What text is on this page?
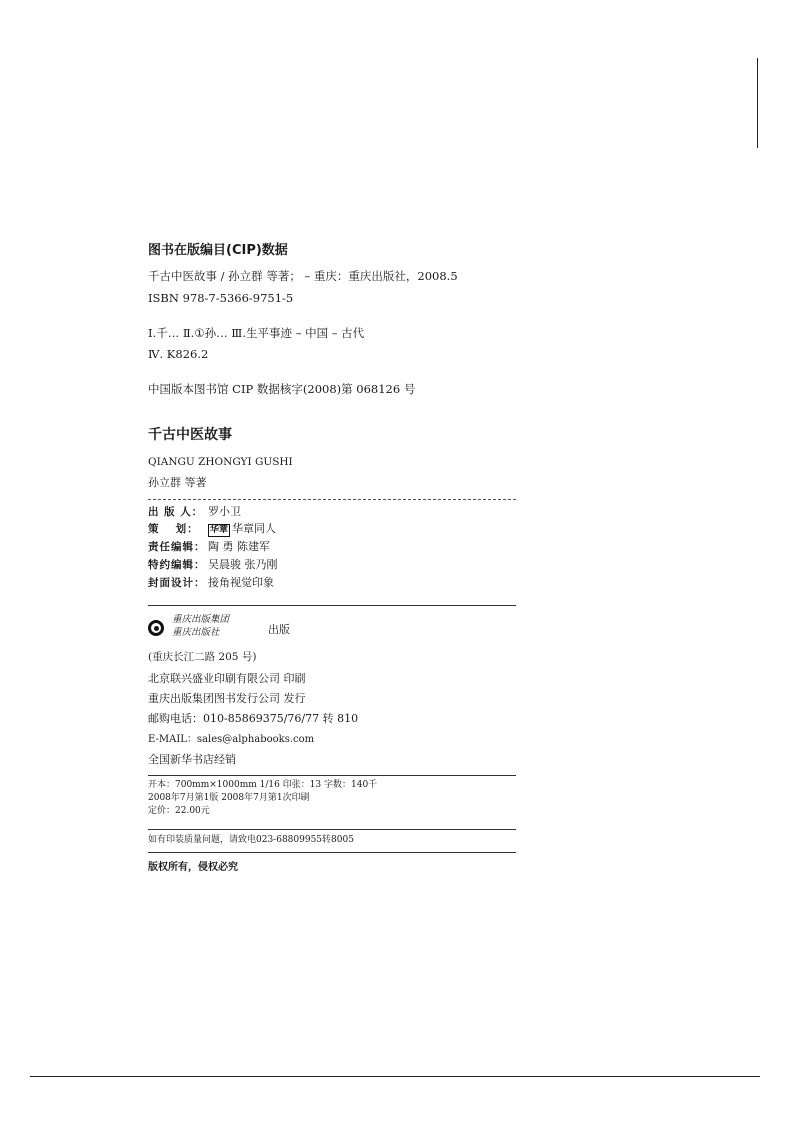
图书在版编目(CIP)数据
千古中医故事 / 孙立群 等著； – 重庆：重庆出版社，2008.5
ISBN 978-7-5366-9751-5
Ⅰ.千… Ⅱ.①孙… Ⅲ.生平事迹 – 中国 – 古代
Ⅳ. K826.2
中国版本图书馆 CIP 数据核字(2008)第 068126 号
千古中医故事
QIANGU ZHONGYI GUSHI
孙立群 等著
出 版 人： 罗小卫
策　 划： 华章 华章同人
责任编辑： 陶 勇 陈建军
特约编辑： 吴晨骏 张乃刚
封面设计： 接角视觉印象
重庆出版集团
重庆出版社	出版
(重庆长江二路 205 号)
北京联兴盛业印刷有限公司 印刷
重庆出版集团图书发行公司 发行
邮购电话：010-85869375/76/77 转 810
E-MAIL：sales@alphabooks.com
全国新华书店经销
开本：700mm×1000mm 1/16 印张：13 字数：140千
2008年7月第1版 2008年7月第1次印刷
定价：22.00元
如有印装质量问题，请致电023-68809955转8005
版权所有，侵权必究
